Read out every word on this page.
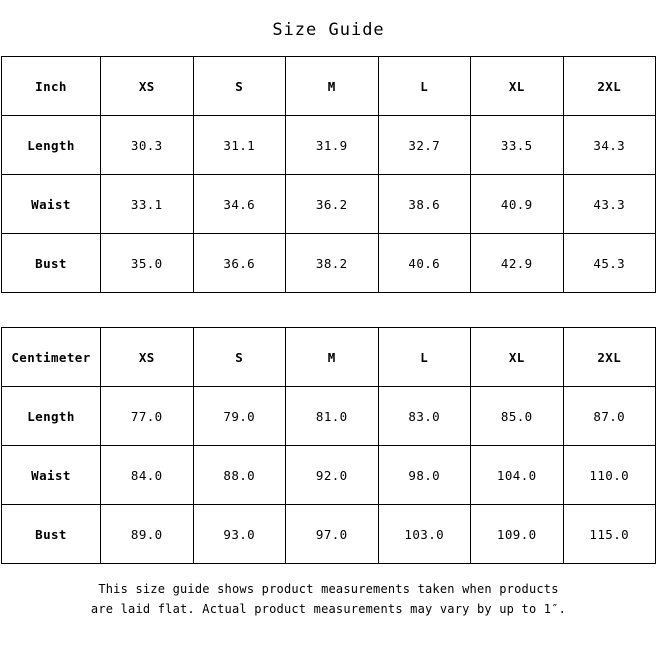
Size Guide
Inch	XS	S	M	L	XL	2XL
Length	30.3	31.1	31.9	32.7	33.5	34.3
Waist	33.1	34.6	36.2	38.6	40.9	43.3
Bust	35.0	36.6	38.2	40.6	42.9	45.3
Centimeter	XS	S	M	L	XL	2XL
Length	77.0	79.0	81.0	83.0	85.0	87.0
Waist	84.0	88.0	92.0	98.0	104.0	110.0
Bust	89.0	93.0	97.0	103.0	109.0	115.0
This size guide shows product measurements taken when products
are laid flat. Actual product measurements may vary by up to 1″.
